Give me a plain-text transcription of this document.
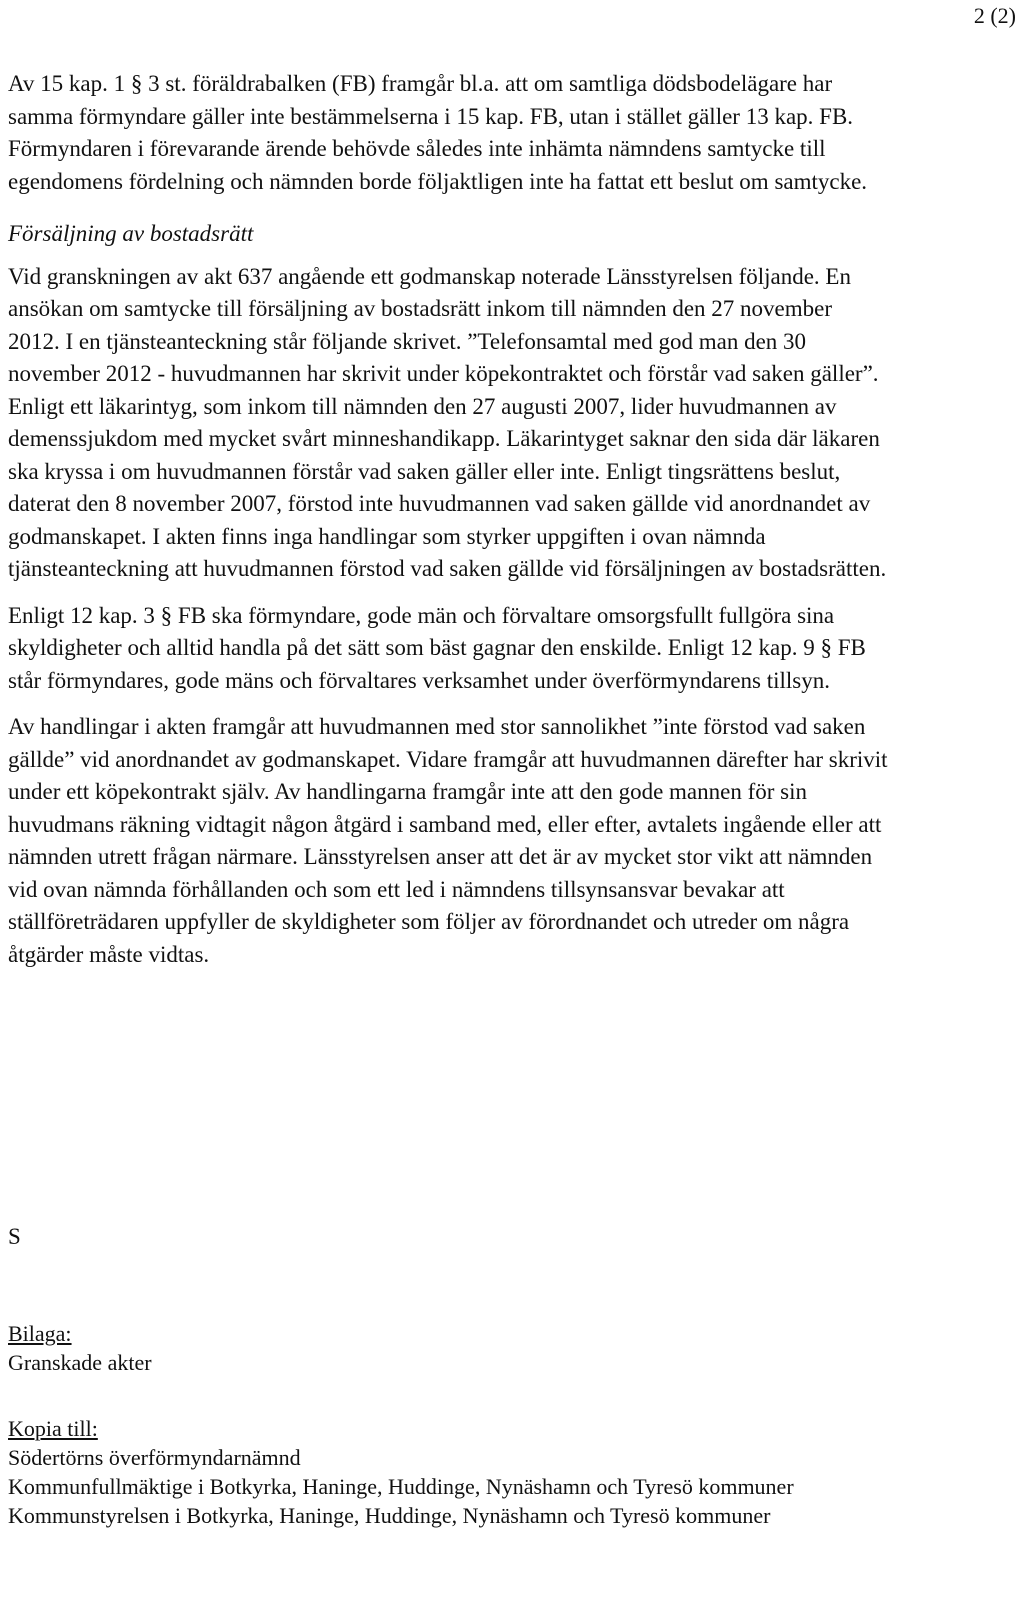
2 (2)

Av 15 kap. 1 § 3 st. föräldrabalken (FB) framgår bl.a. att om samtliga dödsbodelägare har samma förmyndare gäller inte bestämmelserna i 15 kap. FB, utan i stället gäller 13 kap. FB. Förmyndaren i förevarande ärende behövde således inte inhämta nämndens samtycke till egendomens fördelning och nämnden borde följaktligen inte ha fattat ett beslut om samtycke.

Försäljning av bostadsrätt

Vid granskningen av akt 637 angående ett godmanskap noterade Länsstyrelsen följande. En ansökan om samtycke till försäljning av bostadsrätt inkom till nämnden den 27 november 2012. I en tjänsteanteckning står följande skrivet. ”Telefonsamtal med god man den 30 november 2012 - huvudmannen har skrivit under köpekontraktet och förstår vad saken gäller”. Enligt ett läkarintyg, som inkom till nämnden den 27 augusti 2007, lider huvudmannen av demenssjukdom med mycket svårt minneshandikapp. Läkarintyget saknar den sida där läkaren ska kryssa i om huvudmannen förstår vad saken gäller eller inte. Enligt tingsrättens beslut, daterat den 8 november 2007, förstod inte huvudmannen vad saken gällde vid anordnandet av godmanskapet. I akten finns inga handlingar som styrker uppgiften i ovan nämnda tjänsteanteckning att huvudmannen förstod vad saken gällde vid försäljningen av bostadsrätten.

Enligt 12 kap. 3 § FB ska förmyndare, gode män och förvaltare omsorgsfullt fullgöra sina skyldigheter och alltid handla på det sätt som bäst gagnar den enskilde. Enligt 12 kap. 9 § FB står förmyndares, gode mäns och förvaltares verksamhet under överförmyndarens tillsyn.

Av handlingar i akten framgår att huvudmannen med stor sannolikhet ”inte förstod vad saken gällde” vid anordnandet av godmanskapet. Vidare framgår att huvudmannen därefter har skrivit under ett köpekontrakt själv. Av handlingarna framgår inte att den gode mannen för sin huvudmans räkning vidtagit någon åtgärd i samband med, eller efter, avtalets ingående eller att nämnden utrett frågan närmare. Länsstyrelsen anser att det är av mycket stor vikt att nämnden vid ovan nämnda förhållanden och som ett led i nämndens tillsynsansvar bevakar att ställföreträdaren uppfyller de skyldigheter som följer av förordnandet och utreder om några åtgärder måste vidtas.

S

Bilaga:

Granskade akter

Kopia till:

Södertörns överförmyndarnämnd

Kommunfullmäktige i Botkyrka, Haninge, Huddinge, Nynäshamn och Tyresö kommuner

Kommunstyrelsen i Botkyrka, Haninge, Huddinge, Nynäshamn och Tyresö kommuner
